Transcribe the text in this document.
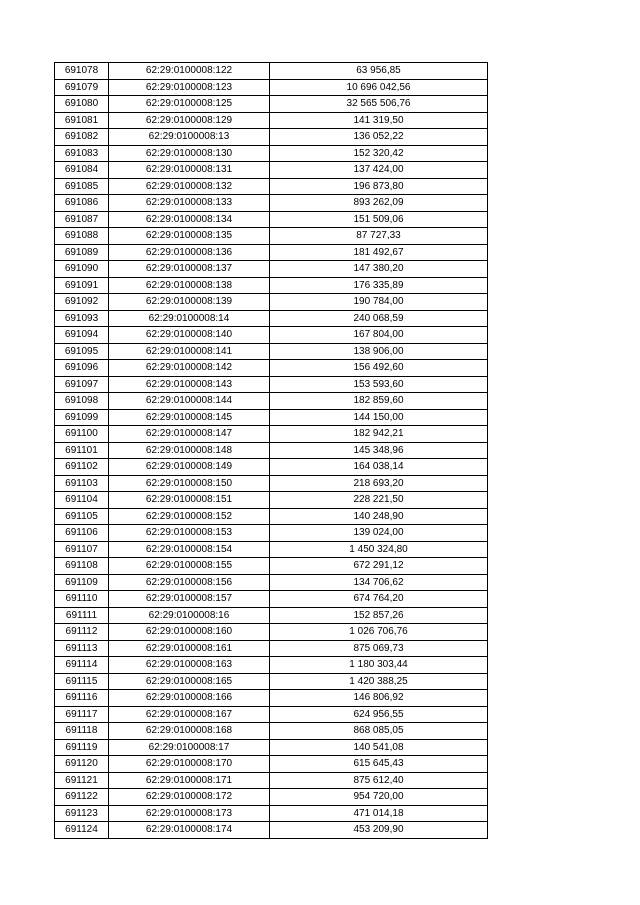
691078	62:29:0100008:122	63 956,85
691079	62:29:0100008:123	10 696 042,56
691080	62:29:0100008:125	32 565 506,76
691081	62:29:0100008:129	141 319,50
691082	62:29:0100008:13	136 052,22
691083	62:29:0100008:130	152 320,42
691084	62:29:0100008:131	137 424,00
691085	62:29:0100008:132	196 873,80
691086	62:29:0100008:133	893 262,09
691087	62:29:0100008:134	151 509,06
691088	62:29:0100008:135	87 727,33
691089	62:29:0100008:136	181 492,67
691090	62:29:0100008:137	147 380,20
691091	62:29:0100008:138	176 335,89
691092	62:29:0100008:139	190 784,00
691093	62:29:0100008:14	240 068,59
691094	62:29:0100008:140	167 804,00
691095	62:29:0100008:141	138 906,00
691096	62:29:0100008:142	156 492,60
691097	62:29:0100008:143	153 593,60
691098	62:29:0100008:144	182 859,60
691099	62:29:0100008:145	144 150,00
691100	62:29:0100008:147	182 942,21
691101	62:29:0100008:148	145 348,96
691102	62:29:0100008:149	164 038,14
691103	62:29:0100008:150	218 693,20
691104	62:29:0100008:151	228 221,50
691105	62:29:0100008:152	140 248,90
691106	62:29:0100008:153	139 024,00
691107	62:29:0100008:154	1 450 324,80
691108	62:29:0100008:155	672 291,12
691109	62:29:0100008:156	134 706,62
691110	62:29:0100008:157	674 764,20
691111	62:29:0100008:16	152 857,26
691112	62:29:0100008:160	1 026 706,76
691113	62:29:0100008:161	875 069,73
691114	62:29:0100008:163	1 180 303,44
691115	62:29:0100008:165	1 420 388,25
691116	62:29:0100008:166	146 806,92
691117	62:29:0100008:167	624 956,55
691118	62:29:0100008:168	868 085,05
691119	62:29:0100008:17	140 541,08
691120	62:29:0100008:170	615 645,43
691121	62:29:0100008:171	875 612,40
691122	62:29:0100008:172	954 720,00
691123	62:29:0100008:173	471 014,18
691124	62:29:0100008:174	453 209,90
